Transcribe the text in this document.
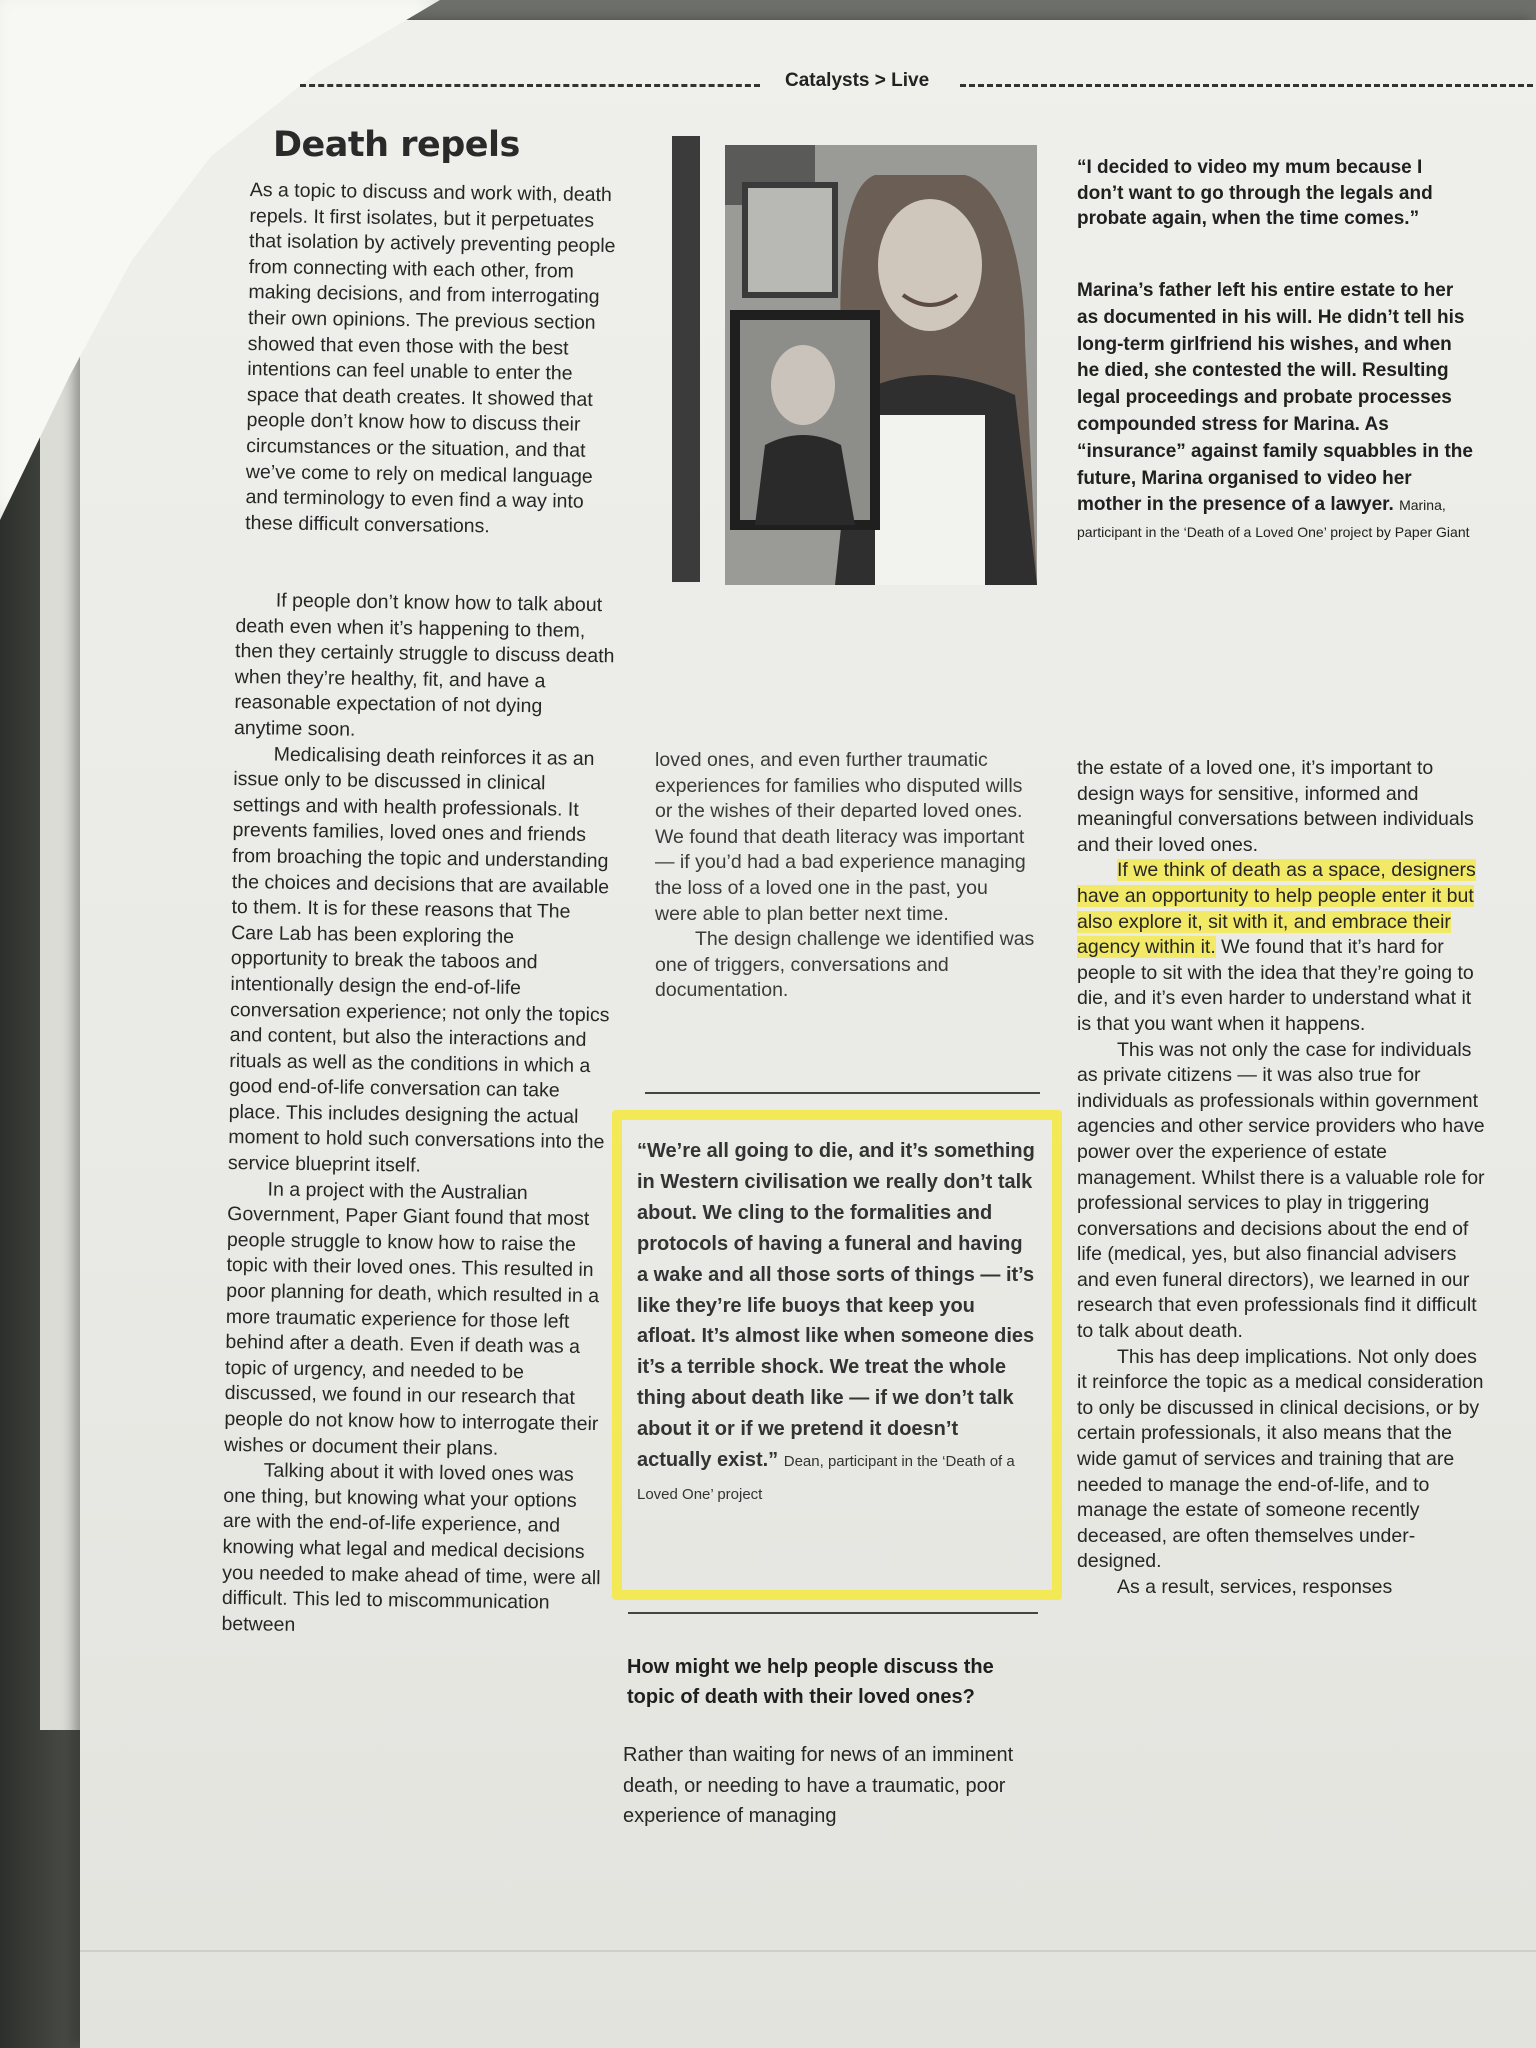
Catalysts > Live
Death repels

As a topic to discuss and work with, death repels. It first isolates, but it perpetuates that isolation by actively preventing people from connecting with each other, from making decisions, and from interrogating their own opinions. The previous section showed that even those with the best intentions can feel unable to enter the space that death creates. It showed that people don’t know how to discuss their circumstances or the situation, and that we’ve come to rely on medical language and terminology to even find a way into these difficult conversations.

If people don’t know how to talk about death even when it’s happening to them, then they certainly struggle to discuss death when they’re healthy, fit, and have a reasonable expectation of not dying anytime soon.

Medicalising death reinforces it as an issue only to be discussed in clinical settings and with health professionals. It prevents families, loved ones and friends from broaching the topic and understanding the choices and decisions that are available to them. It is for these reasons that The Care Lab has been exploring the opportunity to break the taboos and intentionally design the end-of-life conversation experience; not only the topics and content, but also the interactions and rituals as well as the conditions in which a good end-of-life conversation can take place. This includes designing the actual moment to hold such conversations into the service blueprint itself.

In a project with the Australian Government, Paper Giant found that most people struggle to know how to raise the topic with their loved ones. This resulted in poor planning for death, which resulted in a more traumatic experience for those left behind after a death. Even if death was a topic of urgency, and needed to be discussed, we found in our research that people do not know how to interrogate their wishes or document their plans.

Talking about it with loved ones was one thing, but knowing what your options are with the end-of-life experience, and knowing what legal and medical decisions you needed to make ahead of time, were all difficult. This led to miscommunication between

“I decided to video my mum because I don’t want to go through the legals and probate again, when the time comes.”
Marina’s father left his entire estate to her as documented in his will. He didn’t tell his long-term girlfriend his wishes, and when he died, she contested the will. Resulting legal proceedings and probate processes compounded stress for Marina. As “insurance” against family squabbles in the future, Marina organised to video her mother in the presence of a lawyer. Marina, participant in the ‘Death of a Loved One’ project by Paper Giant

loved ones, and even further traumatic experiences for families who disputed wills or the wishes of their departed loved ones. We found that death literacy was important — if you’d had a bad experience managing the loss of a loved one in the past, you were able to plan better next time.

The design challenge we identified was one of triggers, conversations and documentation.

the estate of a loved one, it’s important to design ways for sensitive, informed and meaningful conversations between individuals and their loved ones.

If we think of death as a space, designers have an opportunity to help people enter it but also explore it, sit with it, and embrace their agency within it. We found that it’s hard for people to sit with the idea that they’re going to die, and it’s even harder to understand what it is that you want when it happens.

This was not only the case for individuals as private citizens — it was also true for individuals as professionals within government agencies and other service providers who have power over the experience of estate management. Whilst there is a valuable role for professional services to play in triggering conversations and decisions about the end of life (medical, yes, but also financial advisers and even funeral directors), we learned in our research that even professionals find it difficult to talk about death.

This has deep implications. Not only does it reinforce the topic as a medical consideration to only be discussed in clinical decisions, or by certain professionals, it also means that the wide gamut of services and training that are needed to manage the end-of-life, and to manage the estate of someone recently deceased, are often themselves under-designed.

As a result, services, responses

“We’re all going to die, and it’s something in Western civilisation we really don’t talk about. We cling to the formalities and protocols of having a funeral and having a wake and all those sorts of things — it’s like they’re life buoys that keep you afloat. It’s almost like when someone dies it’s a terrible shock. We treat the whole thing about death like — if we don’t talk about it or if we pretend it doesn’t actually exist.” Dean, participant in the ‘Death of a Loved One’ project
How might we help people discuss the topic of death with their loved ones?

Rather than waiting for news of an imminent death, or needing to have a traumatic, poor experience of managing
